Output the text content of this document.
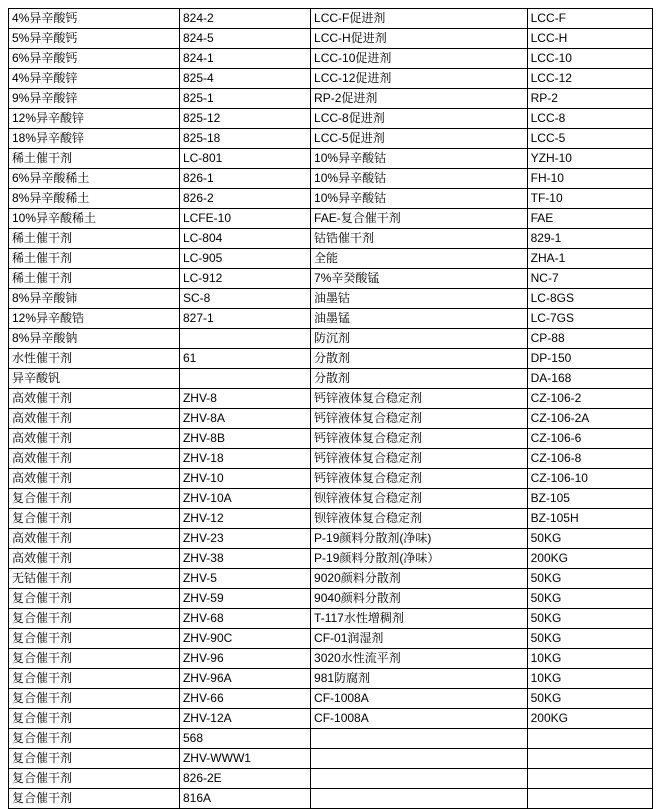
4%异辛酸钙	824-2	LCC-F促进剂	LCC-F
5%异辛酸钙	824-5	LCC-H促进剂	LCC-H
6%异辛酸钙	824-1	LCC-10促进剂	LCC-10
4%异辛酸锌	825-4	LCC-12促进剂	LCC-12
9%异辛酸锌	825-1	RP-2促进剂	RP-2
12%异辛酸锌	825-12	LCC-8促进剂	LCC-8
18%异辛酸锌	825-18	LCC-5促进剂	LCC-5
稀土催干剂	LC-801	10%异辛酸钴	YZH-10
6%异辛酸稀土	826-1	10%异辛酸钴	FH-10
8%异辛酸稀土	826-2	10%异辛酸钴	TF-10
10%异辛酸稀土	LCFE-10	FAE-复合催干剂	FAE
稀土催干剂	LC-804	钴锆催干剂	829-1
稀土催干剂	LC-905	全能	ZHA-1
稀土催干剂	LC-912	7%辛癸酸锰	NC-7
8%异辛酸铈	SC-8	油墨钴	LC-8GS
12%异辛酸锆	827-1	油墨锰	LC-7GS
8%异辛酸钠		防沉剂	CP-88
水性催干剂	61	分散剂	DP-150
异辛酸钒		分散剂	DA-168
高效催干剂	ZHV-8	钙锌液体复合稳定剂	CZ-106-2
高效催干剂	ZHV-8A	钙锌液体复合稳定剂	CZ-106-2A
高效催干剂	ZHV-8B	钙锌液体复合稳定剂	CZ-106-6
高效催干剂	ZHV-18	钙锌液体复合稳定剂	CZ-106-8
高效催干剂	ZHV-10	钙锌液体复合稳定剂	CZ-106-10
复合催干剂	ZHV-10A	钡锌液体复合稳定剂	BZ-105
复合催干剂	ZHV-12	钡锌液体复合稳定剂	BZ-105H
高效催干剂	ZHV-23	P-19颜料分散剂(净味)	50KG
高效催干剂	ZHV-38	P-19颜料分散剂(净味）	200KG
无钴催干剂	ZHV-5	9020颜料分散剂	50KG
复合催干剂	ZHV-59	9040颜料分散剂	50KG
复合催干剂	ZHV-68	T-117水性增稠剂	50KG
复合催干剂	ZHV-90C	CF-01润湿剂	50KG
复合催干剂	ZHV-96	3020水性流平剂	10KG
复合催干剂	ZHV-96A	981防腐剂	10KG
复合催干剂	ZHV-66	CF-1008A	50KG
复合催干剂	ZHV-12A	CF-1008A	200KG
复合催干剂	568		
复合催干剂	ZHV-WWW1		
复合催干剂	826-2E		
复合催干剂	816A		
